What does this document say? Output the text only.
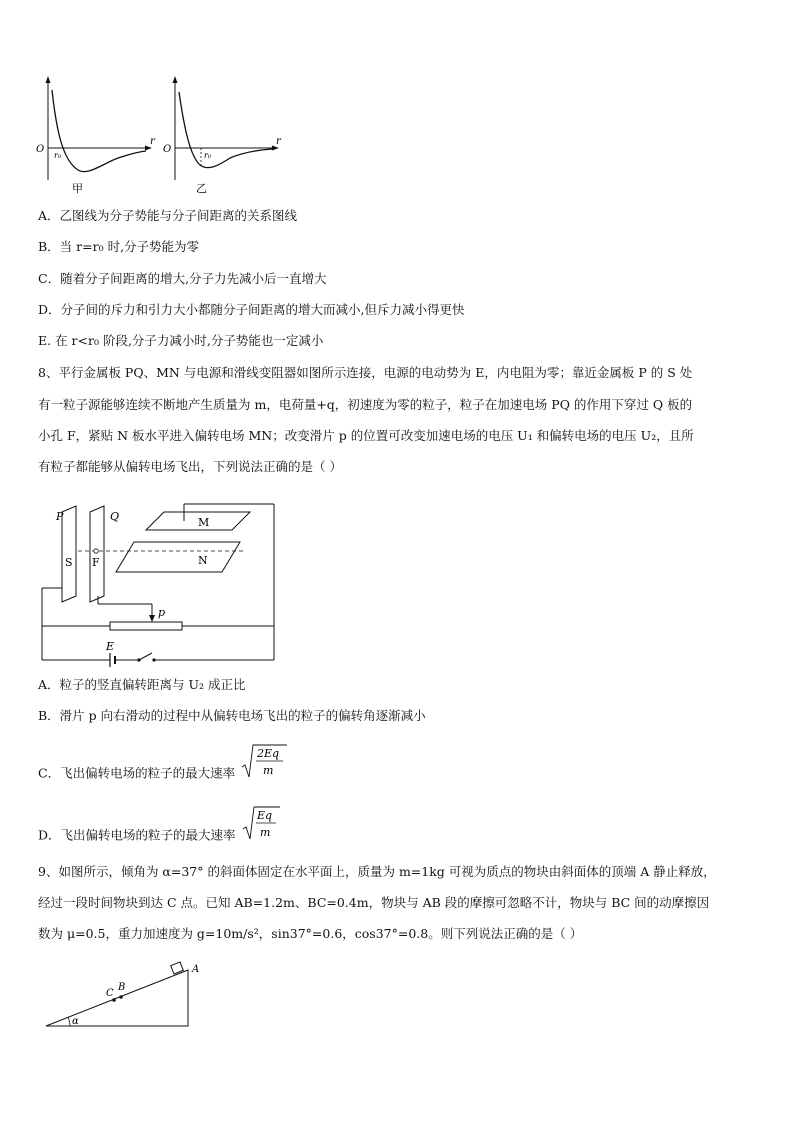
O
r
r₀
甲
O
r
r₀
乙
A．乙图线为分子势能与分子间距离的关系图线
B．当 r=r₀ 时,分子势能为零
C．随着分子间距离的增大,分子力先减小后一直增大
D．分子间的斥力和引力大小都随分子间距离的增大而减小,但斥力减小得更快
E. 在 r<r₀ 阶段,分子力减小时,分子势能也一定减小
8、平行金属板 PQ、MN 与电源和滑线变阻器如图所示连接，电源的电动势为 E，内电阻为零；靠近金属板 P 的 S 处
有一粒子源能够连续不断地产生质量为 m，电荷量+q，初速度为零的粒子，粒子在加速电场 PQ 的作用下穿过 Q 板的
小孔 F，紧贴 N 板水平进入偏转电场 MN；改变滑片 p 的位置可改变加速电场的电压 U₁ 和偏转电场的电压 U₂，且所
有粒子都能够从偏转电场飞出，下列说法正确的是（ ）
P	Q
S F
M
N
p
E
A．粒子的竖直偏转距离与 U₂ 成正比
B．滑片 p 向右滑动的过程中从偏转电场飞出的粒子的偏转角逐渐减小
C．飞出偏转电场的粒子的最大速率
2Eq
m
D．飞出偏转电场的粒子的最大速率
Eq
m
9、如图所示，倾角为 α=37° 的斜面体固定在水平面上，质量为 m=1kg 可视为质点的物块由斜面体的顶端 A 静止释放，
经过一段时间物块到达 C 点。已知 AB=1.2m、BC=0.4m，物块与 AB 段的摩擦可忽略不计，物块与 BC 间的动摩擦因
数为 μ=0.5，重力加速度为 g=10m/s²，sin37°=0.6，cos37°=0.8。则下列说法正确的是（ ）
α
C
B
A
